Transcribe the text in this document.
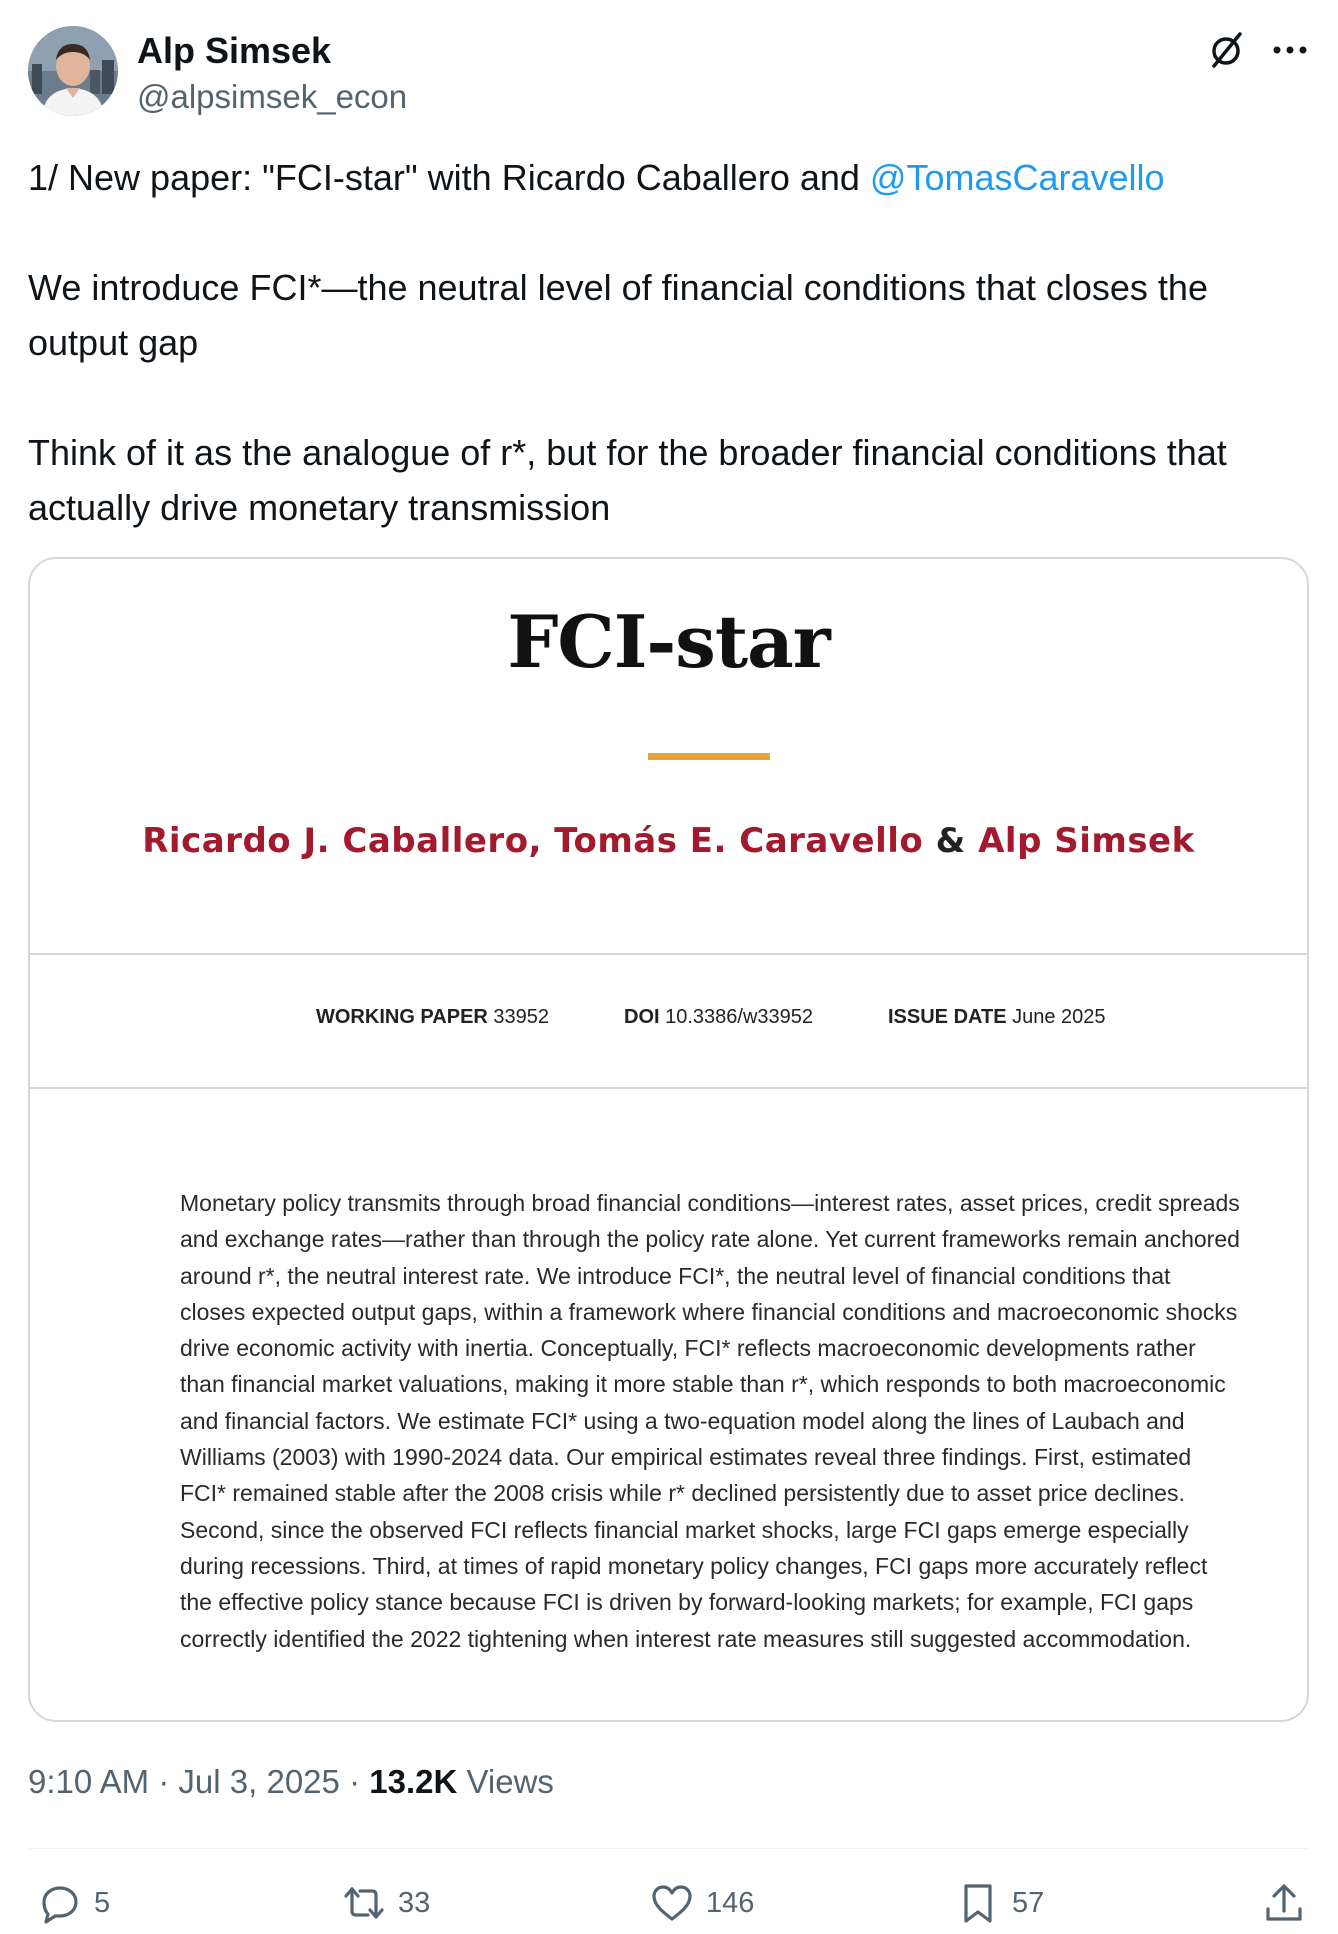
Alp Simsek
@alpsimsek_econ
1/ New paper: "FCI-star" with Ricardo Caballero and @TomasCaravello
We introduce FCI*—the neutral level of financial conditions that closes the output gap
Think of it as the analogue of r*, but for the broader financial conditions that actually drive monetary transmission
FCI-star
Ricardo J. Caballero, Tomás E. Caravello & Alp Simsek
WORKING PAPER 33952	DOI 10.3386/w33952	ISSUE DATE June 2025
Monetary policy transmits through broad financial conditions—interest rates, asset prices, credit spreads and exchange rates—rather than through the policy rate alone. Yet current frameworks remain anchored around r*, the neutral interest rate. We introduce FCI*, the neutral level of financial conditions that closes expected output gaps, within a framework where financial conditions and macroeconomic shocks drive economic activity with inertia. Conceptually, FCI* reflects macroeconomic developments rather than financial market valuations, making it more stable than r*, which responds to both macroeconomic and financial factors. We estimate FCI* using a two-equation model along the lines of Laubach and Williams (2003) with 1990-2024 data. Our empirical estimates reveal three findings. First, estimated FCI* remained stable after the 2008 crisis while r* declined persistently due to asset price declines. Second, since the observed FCI reflects financial market shocks, large FCI gaps emerge especially during recessions. Third, at times of rapid monetary policy changes, FCI gaps more accurately reflect the effective policy stance because FCI is driven by forward-looking markets; for example, FCI gaps correctly identified the 2022 tightening when interest rate measures still suggested accommodation.
9:10 AM · Jul 3, 2025 · 13.2K Views
5	33	146	57
